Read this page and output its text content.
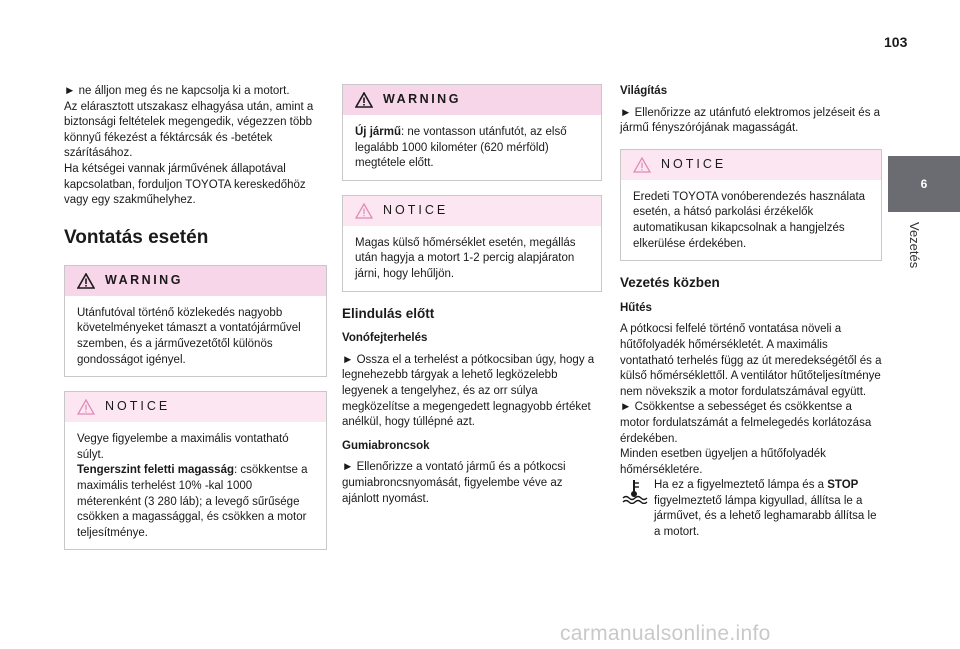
103
6
Vezetés

► ne álljon meg és ne kapcsolja ki a motort.

Az elárasztott utszakasz elhagyása után, amint a biztonsági feltételek megengedik, végezzen több könnyű fékezést a féktárcsák és -betétek szárításához.

Ha kétségei vannak járművének állapotával kapcsolatban, forduljon TOYOTA kereskedőhöz vagy egy szakműhelyhez.

Vontatás esetén
WARNING

Utánfutóval történő közlekedés nagyobb követelményeket támaszt a vontatójárművel szemben, és a járművezetőtől különös gondosságot igényel.

NOTICE

Vegye figyelembe a maximális vontatható súlyt.

Tengerszint feletti magasság: csökkentse a maximális terhelést 10% -kal 1000 méterenként (3 280 láb); a levegő sűrűsége csökken a magassággal, és csökken a motor teljesítménye.

WARNING

Új jármű: ne vontasson utánfutót, az első legalább 1000 kilométer (620 mérföld) megtétele előtt.

NOTICE

Magas külső hőmérséklet esetén, megállás után hagyja a motort 1-2 percig alapjáraton járni, hogy lehűljön.

Elindulás előtt
Vonófejterhelés

► Ossza el a terhelést a pótkocsiban úgy, hogy a legnehezebb tárgyak a lehető legközelebb legyenek a tengelyhez, és az orr súlya megközelítse a megengedett legnagyobb értéket anélkül, hogy túllépné azt.

Gumiabroncsok

► Ellenőrizze a vontató jármű és a pótkocsi gumiabroncsnyomását, figyelembe véve az ajánlott nyomást.

Világítás

► Ellenőrizze az utánfutó elektromos jelzéseit és a jármű fényszórójának magasságát.

NOTICE

Eredeti TOYOTA vonóberendezés használata esetén, a hátsó parkolási érzékelők automatikusan kikapcsolnak a hangjelzés elkerülése érdekében.

Vezetés közben
Hűtés

A pótkocsi felfelé történő vontatása növeli a hűtőfolyadék hőmérsékletét. A maximális vontatható terhelés függ az út meredekségétől és a külső hőmérséklettől. A ventilátor hűtőteljesítménye nem növekszik a motor fordulatszámával együtt.

► Csökkentse a sebességet és csökkentse a motor fordulatszámát a felmelegedés korlátozása érdekében.

Minden esetben ügyeljen a hűtőfolyadék hőmérsékletére.

Ha ez a figyelmeztető lámpa és a STOP figyelmeztető lámpa kigyullad, állítsa le a járművet, és a lehető leghamarabb állítsa le a motort.

carmanualsonline.info
